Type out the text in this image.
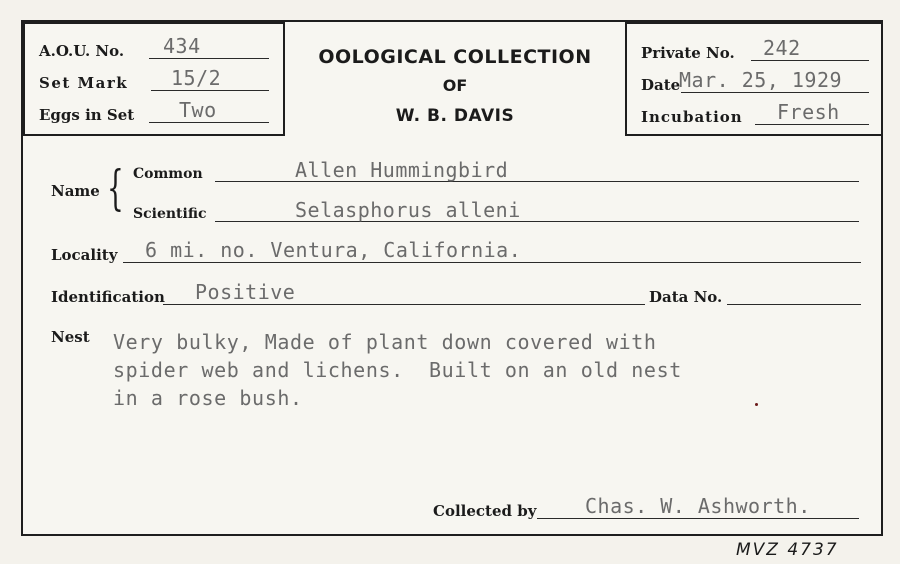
A.O.U. No. 434
Set Mark 15/2
Eggs in Set Two
OOLOGICAL COLLECTION
OF
W. B. DAVIS
Private No. 242
Date
Mar. 25, 1929
Incubation Fresh
Name { Common	Allen Hummingbird
Scientific	Selasphorus alleni
Locality 6 mi. no. Ventura, California.
Identification Positive	Data No.
Nest Very bulky, Made of plant down covered with
spider web and lichens.  Built on an old nest
in a rose bush.
Collected by Chas. W. Ashworth.
MVZ 4737
